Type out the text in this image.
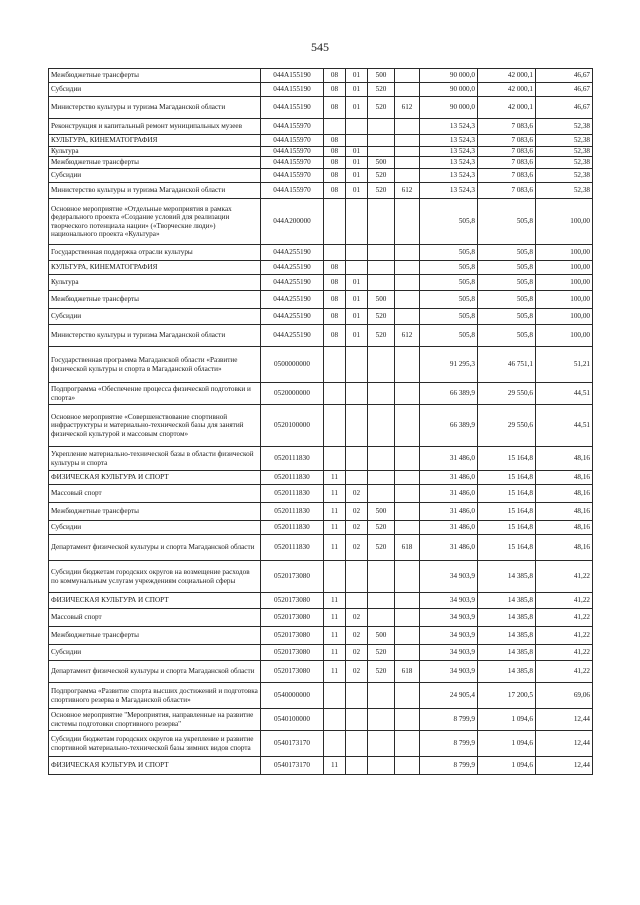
545
Межбюджетные трансферты	044A155190	08	01	500		90 000,0	42 000,1	46,67
Субсидии	044A155190	08	01	520		90 000,0	42 000,1	46,67
Министерство культуры и туризма Магаданской области	044A155190	08	01	520	612	90 000,0	42 000,1	46,67
Реконструкция и капитальный ремонт муниципальных музеев	044A155970					13 524,3	7 083,6	52,38
КУЛЬТУРА, КИНЕМАТОГРАФИЯ	044A155970	08				13 524,3	7 083,6	52,38
Культура	044A155970	08	01			13 524,3	7 083,6	52,38
Межбюджетные трансферты	044A155970	08	01	500		13 524,3	7 083,6	52,38
Субсидии	044A155970	08	01	520		13 524,3	7 083,6	52,38
Министерство культуры и туризма Магаданской области	044A155970	08	01	520	612	13 524,3	7 083,6	52,38
Основное мероприятие «Отдельные мероприятия в рамках федерального проекта «Создание условий для реализации творческого потенциала нации» («Творческие люди») национального проекта «Культура»	044A200000					505,8	505,8	100,00
Государственная поддержка отрасли культуры	044A255190					505,8	505,8	100,00
КУЛЬТУРА, КИНЕМАТОГРАФИЯ	044A255190	08				505,8	505,8	100,00
Культура	044A255190	08	01			505,8	505,8	100,00
Межбюджетные трансферты	044A255190	08	01	500		505,8	505,8	100,00
Субсидии	044A255190	08	01	520		505,8	505,8	100,00
Министерство культуры и туризма Магаданской области	044A255190	08	01	520	612	505,8	505,8	100,00
Государственная программа Магаданской области «Развитие физической культуры и спорта в Магаданской области»	0500000000					91 295,3	46 751,1	51,21
Подпрограмма «Обеспечение процесса физической подготовки и спорта»	0520000000					66 389,9	29 550,6	44,51
Основное мероприятие «Совершенствование спортивной инфраструктуры и материально-технической базы для занятий физической культурой и массовым спортом»	0520100000					66 389,9	29 550,6	44,51
Укрепление материально-технической базы в области физической культуры и спорта	0520111830					31 486,0	15 164,8	48,16
ФИЗИЧЕСКАЯ КУЛЬТУРА И СПОРТ	0520111830	11				31 486,0	15 164,8	48,16
Массовый спорт	0520111830	11	02			31 486,0	15 164,8	48,16
Межбюджетные трансферты	0520111830	11	02	500		31 486,0	15 164,8	48,16
Субсидии	0520111830	11	02	520		31 486,0	15 164,8	48,16
Департамент физической культуры и спорта Магаданской области	0520111830	11	02	520	618	31 486,0	15 164,8	48,16
Субсидии бюджетам городских округов на возмещение расходов по коммунальным услугам учреждениям социальной сферы	0520173080					34 903,9	14 385,8	41,22
ФИЗИЧЕСКАЯ КУЛЬТУРА И СПОРТ	0520173080	11				34 903,9	14 385,8	41,22
Массовый спорт	0520173080	11	02			34 903,9	14 385,8	41,22
Межбюджетные трансферты	0520173080	11	02	500		34 903,9	14 385,8	41,22
Субсидии	0520173080	11	02	520		34 903,9	14 385,8	41,22
Департамент физической культуры и спорта Магаданской области	0520173080	11	02	520	618	34 903,9	14 385,8	41,22
Подпрограмма «Развитие спорта высших достижений и подготовка спортивного резерва в Магаданской области»	0540000000					24 905,4	17 200,5	69,06
Основное мероприятие "Мероприятия, направленные на развитие системы подготовки спортивного резерва"	0540100000					8 799,9	1 094,6	12,44
Субсидии бюджетам городских округов на укрепление и развитие спортивной материально-технической базы зимних видов спорта	0540173170					8 799,9	1 094,6	12,44
ФИЗИЧЕСКАЯ КУЛЬТУРА И СПОРТ	0540173170	11				8 799,9	1 094,6	12,44
